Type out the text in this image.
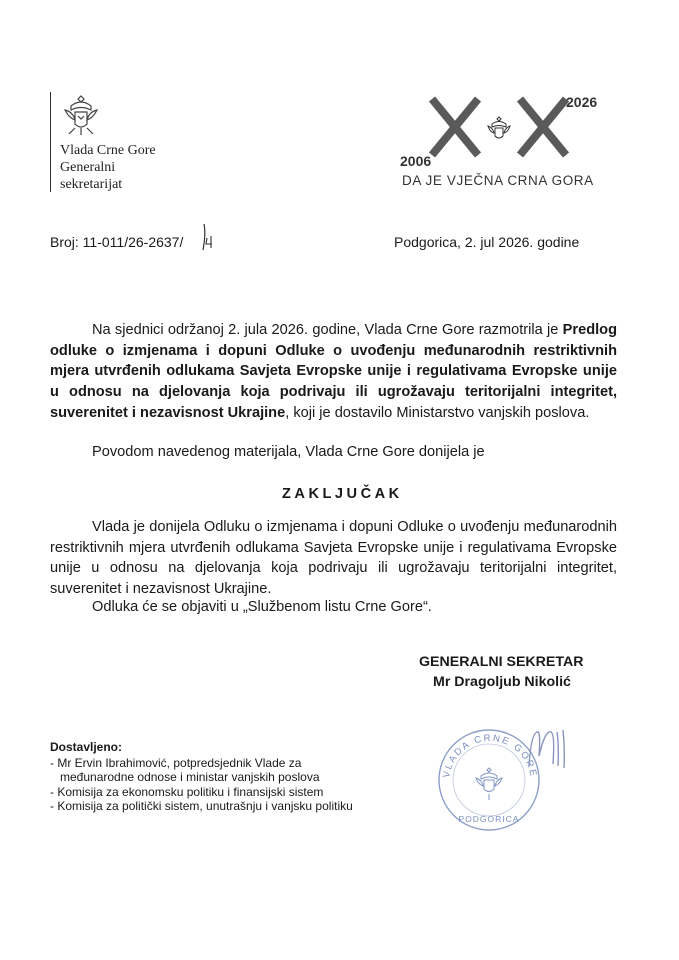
Vlada Crne Gore
Generalni
sekretarijat
2006
2026
DA JE VJEČNA CRNA GORA
Broj: 11-011/26-2637/	Podgorica, 2. jul 2026. godine
Na sjednici održanoj 2. jula 2026. godine, Vlada Crne Gore razmotrila je Predlog odluke o izmjenama i dopuni Odluke o uvođenju međunarodnih restriktivnih mjera utvrđenih odlukama Savjeta Evropske unije i regulativama Evropske unije u odnosu na djelovanja koja podrivaju ili ugrožavaju teritorijalni integritet, suverenitet i nezavisnost Ukrajine, koji je dostavilo Ministarstvo vanjskih poslova.
Povodom navedenog materijala, Vlada Crne Gore donijela je
ZAKLJUČAK
Vlada je donijela Odluku o izmjenama i dopuni Odluke o uvođenju međunarodnih restriktivnih mjera utvrđenih odlukama Savjeta Evropske unije i regulativama Evropske unije u odnosu na djelovanja koja podrivaju ili ugrožavaju teritorijalni integritet, suverenitet i nezavisnost Ukrajine.
Odluka će se objaviti u „Službenom listu Crne Gore“.
GENERALNI SEKRETAR
Mr Dragoljub Nikolić
VLADA CRNE GORE
PODGORICA
Dostavljeno:
- Mr Ervin Ibrahimović, potpredsjednik Vlade za
međunarodne odnose i ministar vanjskih poslova
- Komisija za ekonomsku politiku i finansijski sistem
- Komisija za politički sistem, unutrašnju i vanjsku politiku
